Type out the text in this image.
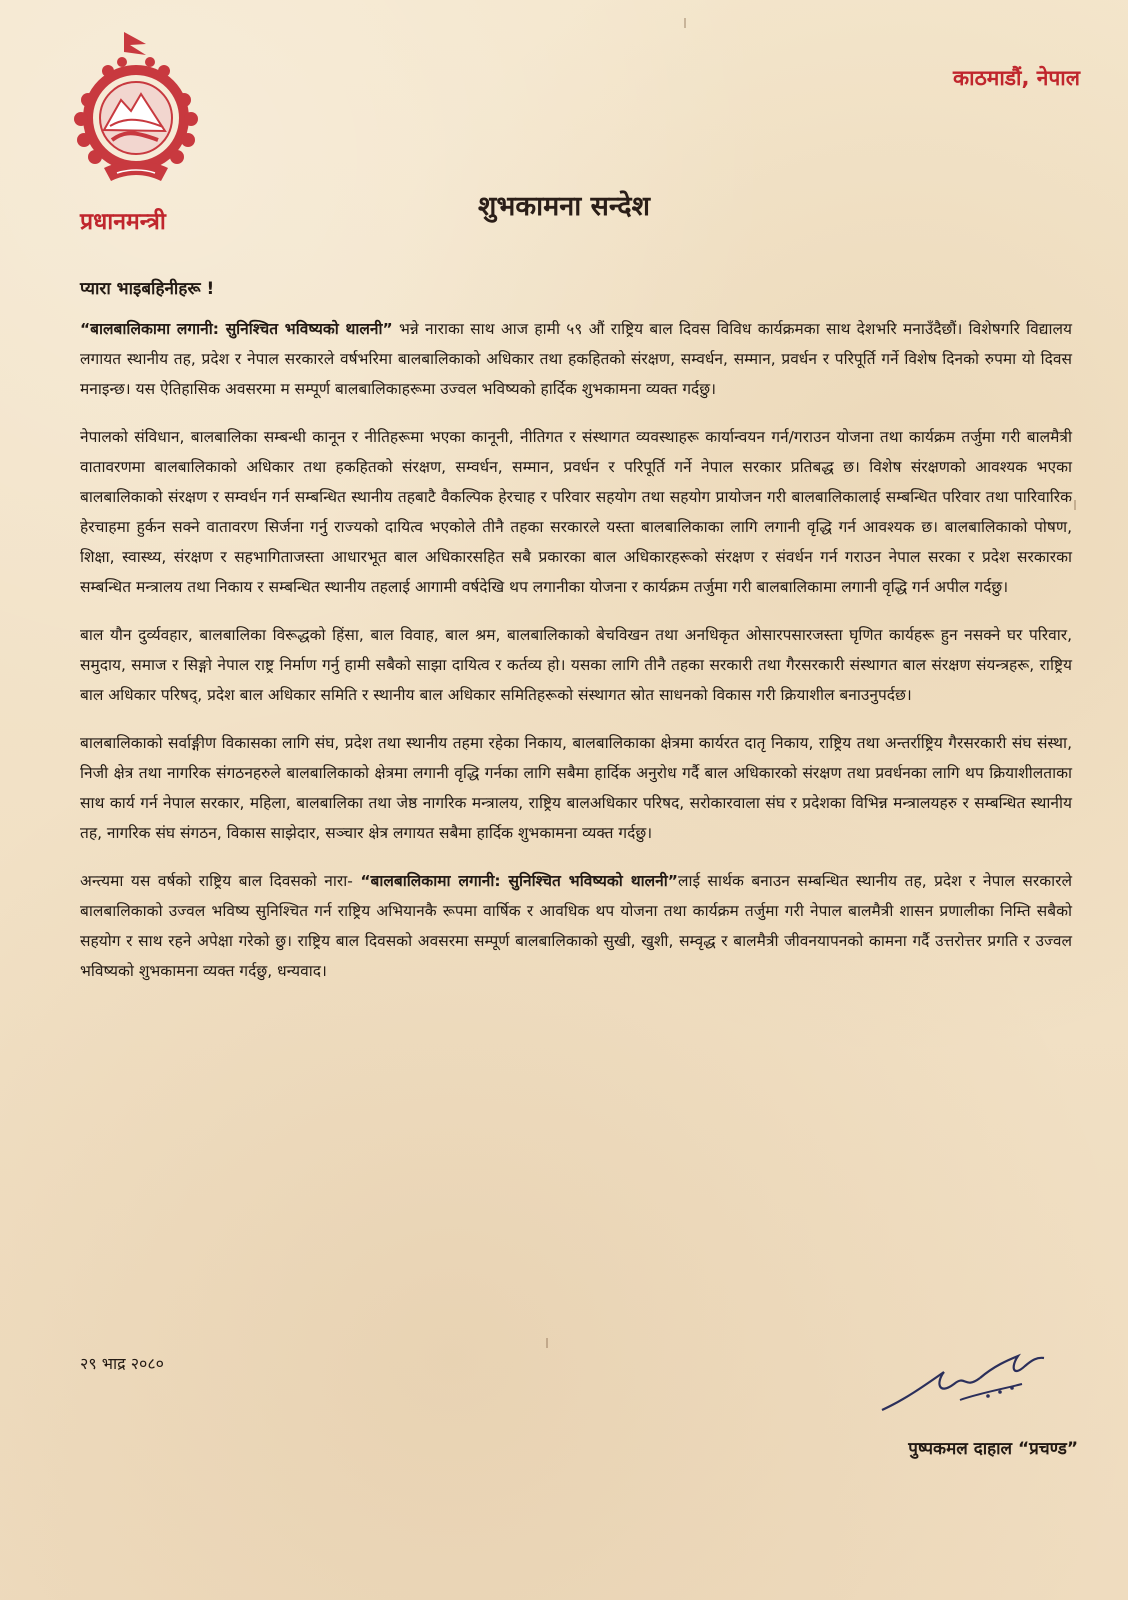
प्रधानमन्त्री
काठमाडौं, नेपाल
शुभकामना सन्देश
प्यारा भाइबहिनीहरू !

“बालबालिकामा लगानी: सुनिश्चित भविष्यको थालनी” भन्ने नाराका साथ आज हामी ५९ औं राष्ट्रिय बाल दिवस विविध कार्यक्रमका साथ देशभरि मनाउँदैछौं। विशेषगरि विद्यालय लगायत स्थानीय तह, प्रदेश र नेपाल सरकारले वर्षभरिमा बालबालिकाको अधिकार तथा हकहितको संरक्षण, सम्वर्धन, सम्मान, प्रवर्धन र परिपूर्ति गर्ने विशेष दिनको रुपमा यो दिवस मनाइन्छ। यस ऐतिहासिक अवसरमा म सम्पूर्ण बालबालिकाहरूमा उज्वल भविष्यको हार्दिक शुभकामना व्यक्त गर्दछु।

नेपालको संविधान, बालबालिका सम्बन्धी कानून र नीतिहरूमा भएका कानूनी, नीतिगत र संस्थागत व्यवस्थाहरू कार्यान्वयन गर्न/गराउन योजना तथा कार्यक्रम तर्जुमा गरी बालमैत्री वातावरणमा बालबालिकाको अधिकार तथा हकहितको संरक्षण, सम्वर्धन, सम्मान, प्रवर्धन र परिपूर्ति गर्ने नेपाल सरकार प्रतिबद्ध छ। विशेष संरक्षणको आवश्यक भएका बालबालिकाको संरक्षण र सम्वर्धन गर्न सम्बन्धित स्थानीय तहबाटै वैकल्पिक हेरचाह र परिवार सहयोग तथा सहयोग प्रायोजन गरी बालबालिकालाई सम्बन्धित परिवार तथा पारिवारिक हेरचाहमा हुर्कन सक्ने वातावरण सिर्जना गर्नु राज्यको दायित्व भएकोले तीनै तहका सरकारले यस्ता बालबालिकाका लागि लगानी वृद्धि गर्न आवश्यक छ। बालबालिकाको पोषण, शिक्षा, स्वास्थ्य, संरक्षण र सहभागिताजस्ता आधारभूत बाल अधिकारसहित सबै प्रकारका बाल अधिकारहरूको संरक्षण र संवर्धन गर्न गराउन नेपाल सरका र प्रदेश सरकारका सम्बन्धित मन्त्रालय तथा निकाय र सम्बन्धित स्थानीय तहलाई आगामी वर्षदेखि थप लगानीका योजना र कार्यक्रम तर्जुमा गरी बालबालिकामा लगानी वृद्धि गर्न अपील गर्दछु।

बाल यौन दुर्व्यवहार, बालबालिका विरूद्धको हिंसा, बाल विवाह, बाल श्रम, बालबालिकाको बेचविखन तथा अनधिकृत ओसारपसारजस्ता घृणित कार्यहरू हुन नसक्ने घर परिवार, समुदाय, समाज र सिङ्गो नेपाल राष्ट्र निर्माण गर्नु हामी सबैको साझा दायित्व र कर्तव्य हो। यसका लागि तीनै तहका सरकारी तथा गैरसरकारी संस्थागत बाल संरक्षण संयन्त्रहरू, राष्ट्रिय बाल अधिकार परिषद्, प्रदेश बाल अधिकार समिति र स्थानीय बाल अधिकार समितिहरूको संस्थागत स्रोत साधनको विकास गरी क्रियाशील बनाउनुपर्दछ।

बालबालिकाको सर्वाङ्गीण विकासका लागि संघ, प्रदेश तथा स्थानीय तहमा रहेका निकाय, बालबालिकाका क्षेत्रमा कार्यरत दातृ निकाय, राष्ट्रिय तथा अन्तर्राष्ट्रिय गैरसरकारी संघ संस्था, निजी क्षेत्र तथा नागरिक संगठनहरुले बालबालिकाको क्षेत्रमा लगानी वृद्धि गर्नका लागि सबैमा हार्दिक अनुरोध गर्दै बाल अधिकारको संरक्षण तथा प्रवर्धनका लागि थप क्रियाशीलताका साथ कार्य गर्न नेपाल सरकार, महिला, बालबालिका तथा जेष्ठ नागरिक मन्त्रालय, राष्ट्रिय बालअधिकार परिषद, सरोकारवाला संघ र प्रदेशका विभिन्न मन्त्रालयहरु र सम्बन्धित स्थानीय तह, नागरिक संघ संगठन, विकास साझेदार, सञ्चार क्षेत्र लगायत सबैमा हार्दिक शुभकामना व्यक्त गर्दछु।

अन्त्यमा यस वर्षको राष्ट्रिय बाल दिवसको नारा- “बालबालिकामा लगानी: सुनिश्चित भविष्यको थालनी”लाई सार्थक बनाउन सम्बन्धित स्थानीय तह, प्रदेश र नेपाल सरकारले बालबालिकाको उज्वल भविष्य सुनिश्चित गर्न राष्ट्रिय अभियानकै रूपमा वार्षिक र आवधिक थप योजना तथा कार्यक्रम तर्जुमा गरी नेपाल बालमैत्री शासन प्रणालीका निम्ति सबैको सहयोग र साथ रहने अपेक्षा गरेको छु। राष्ट्रिय बाल दिवसको अवसरमा सम्पूर्ण बालबालिकाको सुखी, खुशी, सम्वृद्ध र बालमैत्री जीवनयापनको कामना गर्दै उत्तरोत्तर प्रगति र उज्वल भविष्यको शुभकामना व्यक्त गर्दछु, धन्यवाद।

२९ भाद्र २०८०
पुष्पकमल दाहाल “प्रचण्ड”
